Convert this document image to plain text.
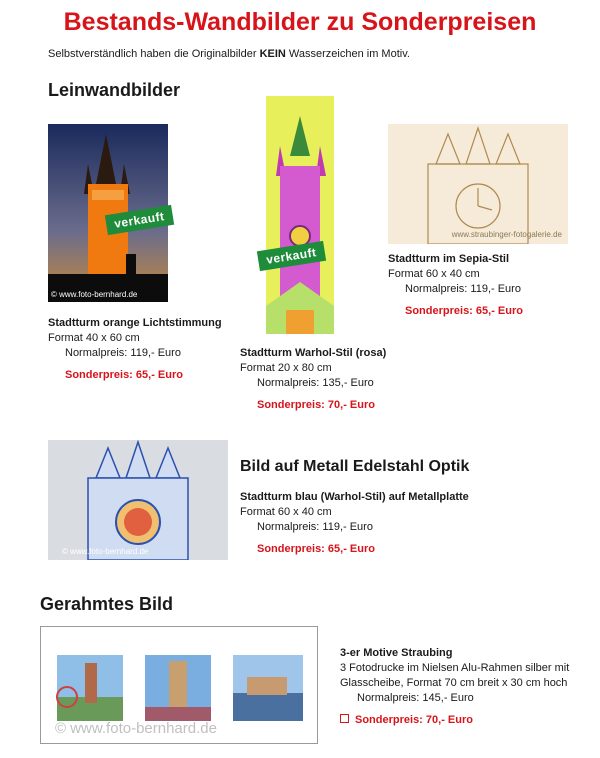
Bestands-Wandbilder zu Sonderpreisen
Selbstverständlich haben die Originalbilder KEIN Wasserzeichen im Motiv.
Leinwandbilder
© www.foto-bernhard.de
verkauft
Stadtturm orange Lichtstimmung
Format 40 x 60 cm
Normalpreis: 119,- Euro
Sonderpreis: 65,- Euro
verkauft
Stadtturm Warhol-Stil (rosa)
Format 20 x 80 cm
Normalpreis: 135,- Euro
Sonderpreis: 70,- Euro
www.straubinger-fotogalerie.de
Stadtturm im Sepia-Stil
Format 60 x 40 cm
Normalpreis: 119,- Euro
Sonderpreis: 65,- Euro
© www.foto-bernhard.de
Bild auf Metall Edelstahl Optik
Stadtturm blau (Warhol-Stil) auf Metallplatte
Format 60 x 40 cm
Normalpreis: 119,- Euro
Sonderpreis: 65,- Euro
Gerahmtes Bild
© www.foto-bernhard.de
3-er Motive Straubing
3 Fotodrucke im Nielsen Alu-Rahmen silber mit
Glasscheibe, Format 70 cm breit x 30 cm hoch
Normalpreis: 145,- Euro
Sonderpreis: 70,- Euro
